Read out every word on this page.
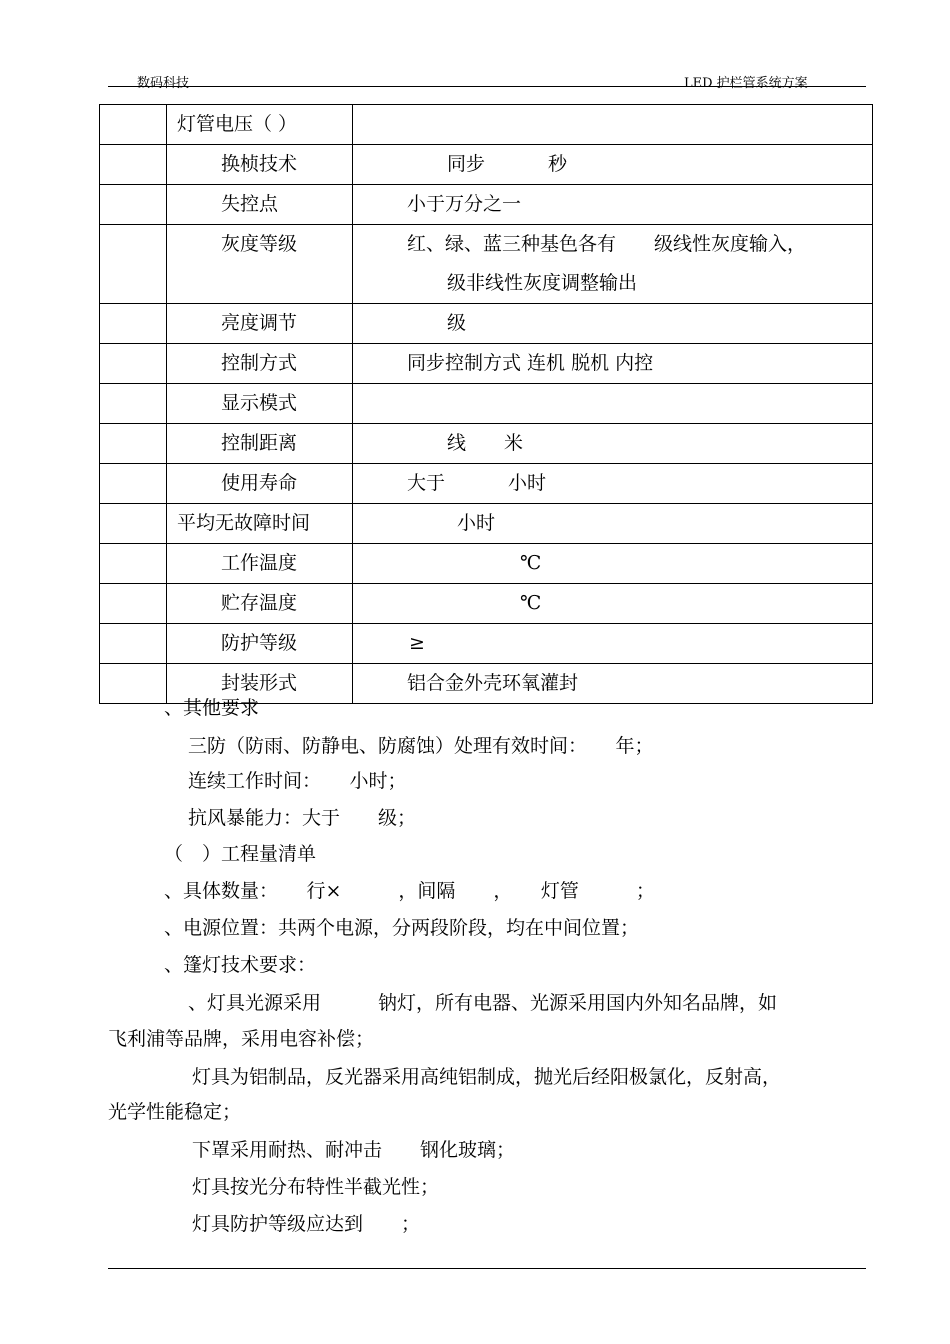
数码科技	LED 护栏管系统方案

	灯管电压（ ）	

	换桢技术	同步　　　 秒

	失控点	小于万分之一

	灰度等级	红、绿、蓝三种基色各有　　级线性灰度输入，
级非线性灰度调整输出

	亮度调节	级

	控制方式	同步控制方式 连机 脱机 内控

	显示模式	

	控制距离	线　　米

	使用寿命	大于　　　 小时

	平均无故障时间	小时

	工作温度	℃

	贮存温度	℃

	防护等级	≥

	封装形式	铝合金外壳环氧灌封
、其他要求
三防（防雨、防静电、防腐蚀）处理有效时间：　　年；
连续工作时间：　　小时；
抗风暴能力：大于　　级；
（　）工程量清单
、具体数量：　　行×　　　，间隔　　，　　灯管　　　；
、电源位置：共两个电源，分两段阶段，均在中间位置；
、篷灯技术要求：
、灯具光源采用　　　钠灯，所有电器、光源采用国内外知名品牌，如
飞利浦等品牌，采用电容补偿；
灯具为铝制品，反光器采用高纯铝制成，抛光后经阳极氯化，反射高，
光学性能稳定；
下罩采用耐热、耐冲击　　钢化玻璃；
灯具按光分布特性半截光性；
灯具防护等级应达到　　；
